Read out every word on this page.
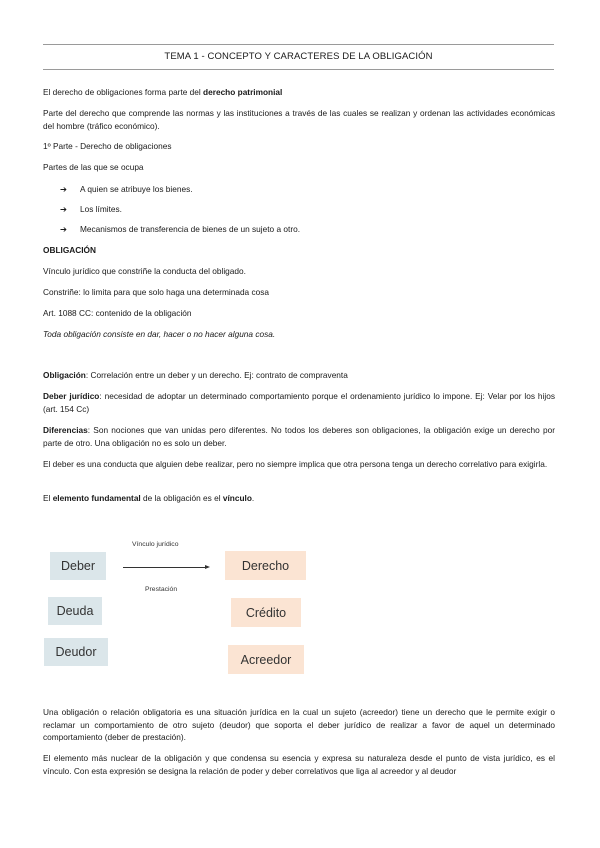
TEMA 1 - CONCEPTO Y CARACTERES DE LA OBLIGACIÓN

El derecho de obligaciones forma parte del derecho patrimonial

Parte del derecho que comprende las normas y las instituciones a través de las cuales se realizan y ordenan las actividades económicas del hombre (tráfico económico).

1º Parte - Derecho de obligaciones

Partes de las que se ocupa

➔	A quien se atribuye los bienes.
➔	Los límites.
➔	Mecanismos de transferencia de bienes de un sujeto a otro.

OBLIGACIÓN

Vínculo jurídico que constriñe la conducta del obligado.

Constriñe: lo limita para que solo haga una determinada cosa

Art. 1088 CC: contenido de la obligación

Toda obligación consiste en dar, hacer o no hacer alguna cosa.

Obligación: Correlación entre un deber y un derecho. Ej: contrato de compraventa

Deber jurídico: necesidad de adoptar un determinado comportamiento porque el ordenamiento jurídico lo impone. Ej: Velar por los hijos (art. 154 Cc)

Diferencias: Son nociones que van unidas pero diferentes. No todos los deberes son obligaciones, la obligación exige un derecho por parte de otro. Una obligación no es solo un deber.

El deber es una conducta que alguien debe realizar, pero no siempre implica que otra persona tenga un derecho correlativo para exigirla.

El elemento fundamental de la obligación es el vínculo.

Deber
Deuda
Deudor
Vínculo jurídico
Prestación
Derecho
Crédito
Acreedor

Una obligación o relación obligatoria es una situación jurídica en la cual un sujeto (acreedor) tiene un derecho que le permite exigir o reclamar un comportamiento de otro sujeto (deudor) que soporta el deber jurídico de realizar a favor de aquel un determinado comportamiento (deber de prestación).

El elemento más nuclear de la obligación y que condensa su esencia y expresa su naturaleza desde el punto de vista jurídico, es el vínculo. Con esta expresión se designa la relación de poder y deber correlativos que liga al acreedor y al deudor
